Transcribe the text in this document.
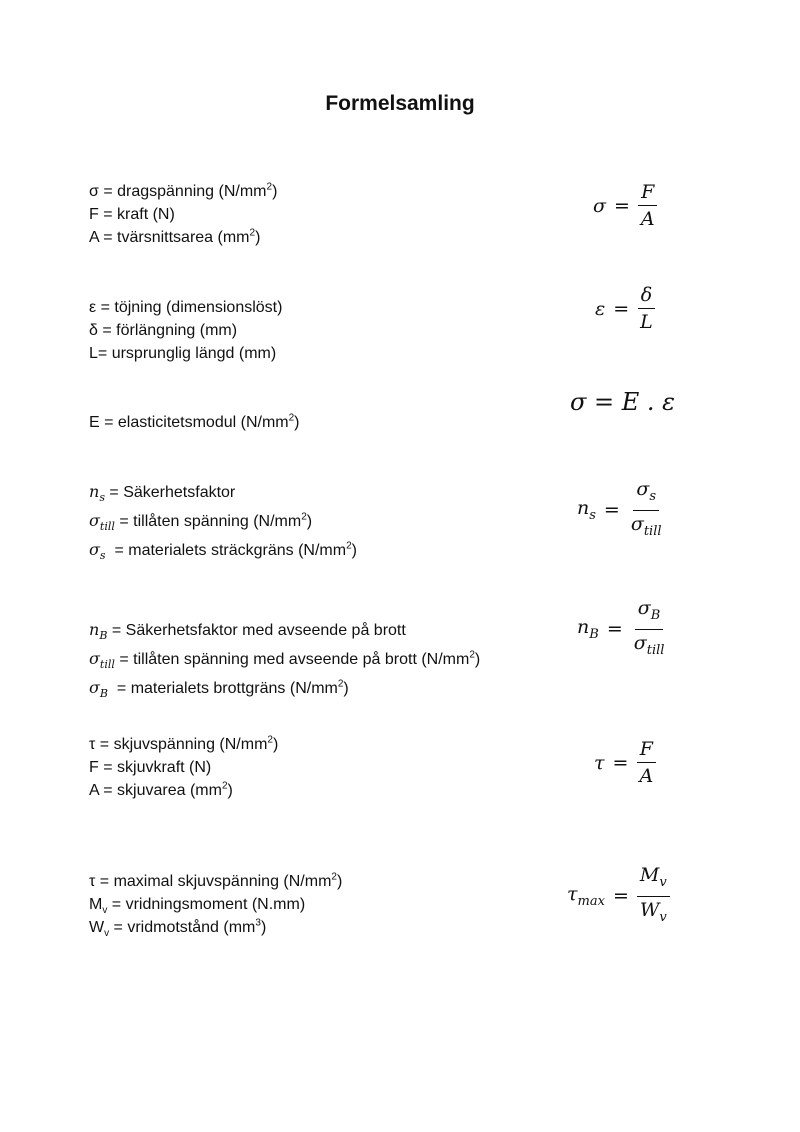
Formelsamling
σ = dragspänning $(N/mm^2)$
F = kraft (N)
A = tvärsnittsarea $(mm^2)$
$\sigma = \frac{F}{A}$
ε = töjning (dimensionslöst)
δ = förlängning (mm)
L= ursprunglig längd (mm)
$\varepsilon = \frac{\delta}{L}$
E = elasticitetsmodul $(N/mm^2)$
σ = E . ε
$n_s$ = Säkerhetsfaktor
$\sigma_{till}$ = tillåten spänning $(N/mm^2)$
$\sigma_s$  = materialets sträckgräns $(N/mm^2)$
$n_s = \frac{\sigma_s}{\sigma_{till}}$
$n_B$ = Säkerhetsfaktor med avseende på brott
$\sigma_{till}$ = tillåten spänning med avseende på brott $(N/mm^2)$
$\sigma_B$  = materialets brottgräns $(N/mm^2)$
$n_B = \frac{\sigma_B}{\sigma_{till}}$
τ = skjuvspänning $(N/mm^2)$
F = skjuvkraft (N)
A = skjuvarea $(mm^2)$
$\tau = \frac{F}{A}$
τ = maximal skjuvspänning $(N/mm^2)$
$M_v$ = vridningsmoment (N.mm)
$W_v$ = vridmotstånd $(mm^3)$
$\tau_{max} = \frac{M_v}{W_v}$
